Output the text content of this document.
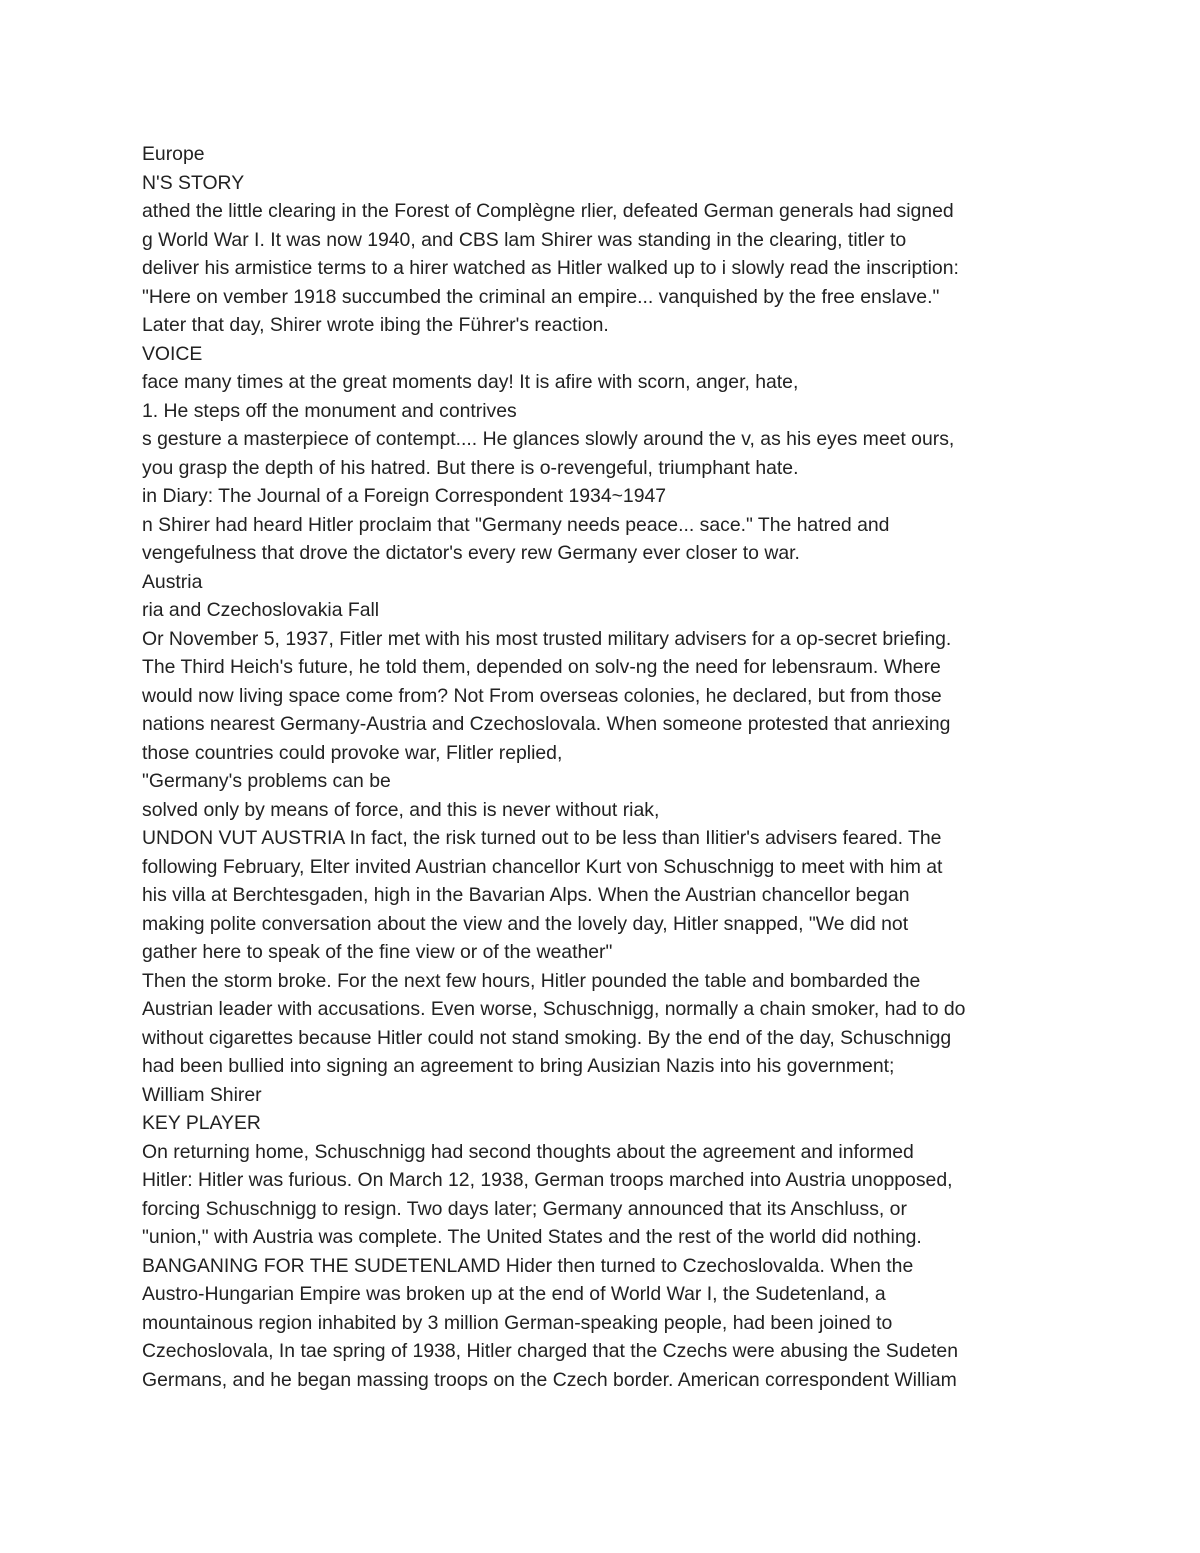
Europe
N'S STORY
athed the little clearing in the Forest of Complègne rlier, defeated German generals had signed
g World War I. It was now 1940, and CBS lam Shirer was standing in the clearing, titler to
deliver his armistice terms to a hirer watched as Hitler walked up to i slowly read the inscription:
"Here on vember 1918 succumbed the criminal an empire... vanquished by the free enslave."
Later that day, Shirer wrote ibing the Führer's reaction.
VOICE
face many times at the great moments day! It is afire with scorn, anger, hate,
1. He steps off the monument and contrives
s gesture a masterpiece of contempt.... He glances slowly around the v, as his eyes meet ours,
you grasp the depth of his hatred. But there is o-revengeful, triumphant hate.
in Diary: The Journal of a Foreign Correspondent 1934~1947
n Shirer had heard Hitler proclaim that "Germany needs peace... sace." The hatred and
vengefulness that drove the dictator's every rew Germany ever closer to war.
Austria
ria and Czechoslovakia Fall
Or November 5, 1937, Fitler met with his most trusted military advisers for a op-secret briefing.
The Third Heich's future, he told them, depended on solv-ng the need for lebensraum. Where
would now living space come from? Not From overseas colonies, he declared, but from those
nations nearest Germany-Austria and Czechoslovala. When someone protested that anriexing
those countries could provoke war, Flitler replied,
"Germany's problems can be
solved only by means of force, and this is never without riak,
UNDON VUT AUSTRIA In fact, the risk turned out to be less than Ilitier's advisers feared. The
following February, Elter invited Austrian chancellor Kurt von Schuschnigg to meet with him at
his villa at Berchtesgaden, high in the Bavarian Alps. When the Austrian chancellor began
making polite conversation about the view and the lovely day, Hitler snapped, "We did not
gather here to speak of the fine view or of the weather"
Then the storm broke. For the next few hours, Hitler pounded the table and bombarded the
Austrian leader with accusations. Even worse, Schuschnigg, normally a chain smoker, had to do
without cigarettes because Hitler could not stand smoking. By the end of the day, Schuschnigg
had been bullied into signing an agreement to bring Ausizian Nazis into his government;
William Shirer
KEY PLAYER
On returning home, Schuschnigg had second thoughts about the agreement and informed
Hitler: Hitler was furious. On March 12, 1938, German troops marched into Austria unopposed,
forcing Schuschnigg to resign. Two days later; Germany announced that its Anschluss, or
"union," with Austria was complete. The United States and the rest of the world did nothing.
BANGANING FOR THE SUDETENLAMD Hider then turned to Czechoslovalda. When the
Austro-Hungarian Empire was broken up at the end of World War I, the Sudetenland, a
mountainous region inhabited by 3 million German-speaking people, had been joined to
Czechoslovala, In tae spring of 1938, Hitler charged that the Czechs were abusing the Sudeten
Germans, and he began massing troops on the Czech border. American correspondent William
